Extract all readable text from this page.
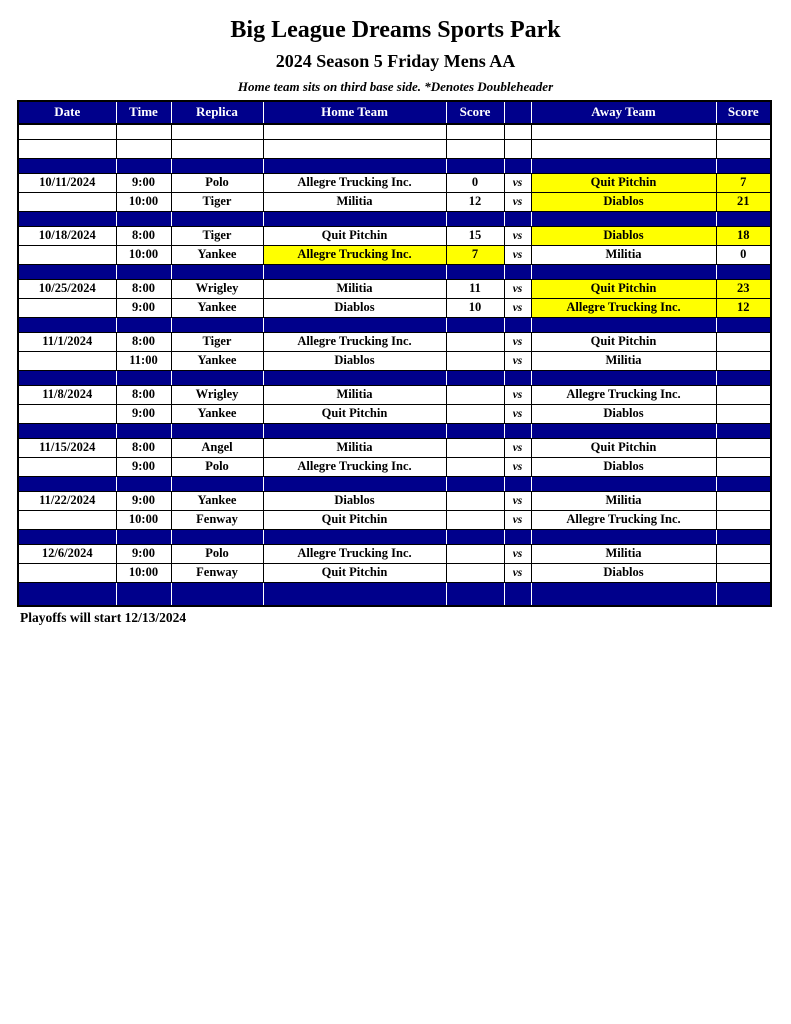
Big League Dreams Sports Park
2024 Season 5 Friday Mens AA
Home team sits on third base side. *Denotes Doubleheader
Date	Time	Replica	Home Team	Score		Away Team	Score

10/11/2024	9:00	Polo	Allegre Trucking Inc.	0	vs	Quit Pitchin	7
	10:00	Tiger	Militia	12	vs	Diablos	21

10/18/2024	8:00	Tiger	Quit Pitchin	15	vs	Diablos	18
	10:00	Yankee	Allegre Trucking Inc.	7	vs	Militia	0

10/25/2024	8:00	Wrigley	Militia	11	vs	Quit Pitchin	23
	9:00	Yankee	Diablos	10	vs	Allegre Trucking Inc.	12

11/1/2024	8:00	Tiger	Allegre Trucking Inc.		vs	Quit Pitchin	
	11:00	Yankee	Diablos		vs	Militia	

11/8/2024	8:00	Wrigley	Militia		vs	Allegre Trucking Inc.	
	9:00	Yankee	Quit Pitchin		vs	Diablos	

11/15/2024	8:00	Angel	Militia		vs	Quit Pitchin	
	9:00	Polo	Allegre Trucking Inc.		vs	Diablos	

11/22/2024	9:00	Yankee	Diablos		vs	Militia	
	10:00	Fenway	Quit Pitchin		vs	Allegre Trucking Inc.	

12/6/2024	9:00	Polo	Allegre Trucking Inc.		vs	Militia	
	10:00	Fenway	Quit Pitchin		vs	Diablos	

Playoffs will start 12/13/2024
